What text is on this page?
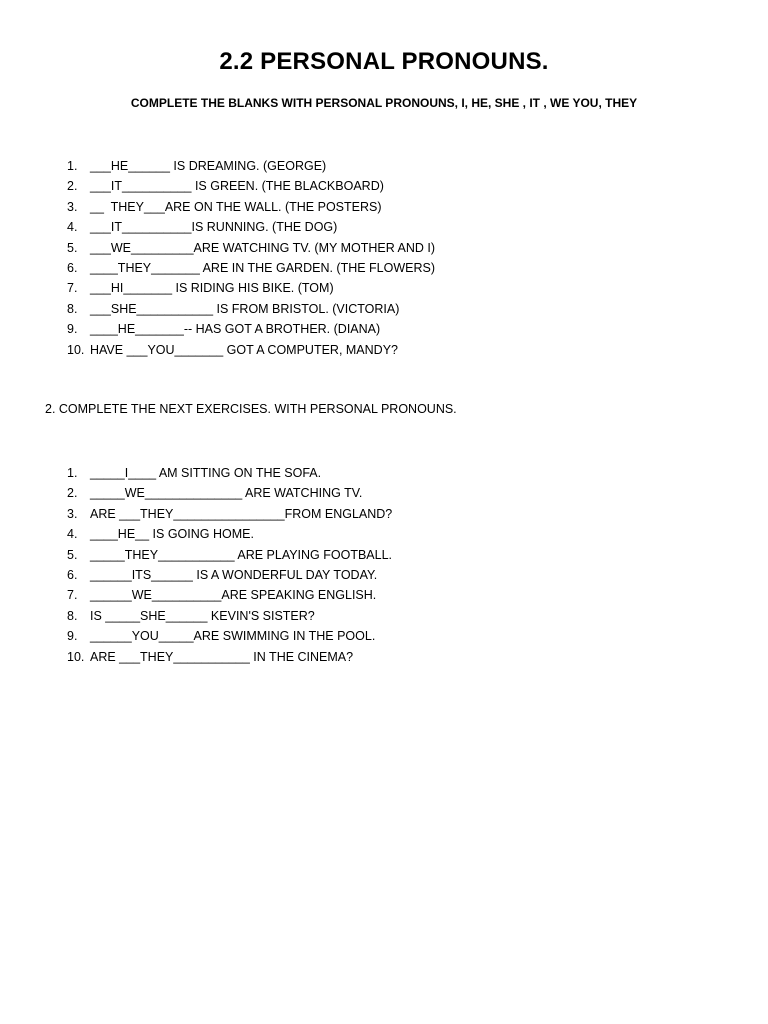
2.2 PERSONAL PRONOUNS.
COMPLETE THE BLANKS WITH PERSONAL PRONOUNS, I, HE, SHE , IT , WE YOU, THEY
1.	___HE______ IS DREAMING. (GEORGE)
2.	___IT__________ IS GREEN. (THE BLACKBOARD)
3.	__  THEY___ARE ON THE WALL. (THE POSTERS)
4.	___IT__________IS RUNNING. (THE DOG)
5.	___WE_________ARE WATCHING TV. (MY MOTHER AND I)
6.	____THEY_______ ARE IN THE GARDEN. (THE FLOWERS)
7.	___HI_______ IS RIDING HIS BIKE. (TOM)
8.	___SHE___________ IS FROM BRISTOL. (VICTORIA)
9.	____HE_______-- HAS GOT A BROTHER. (DIANA)
10. HAVE ___YOU_______ GOT A COMPUTER, MANDY?
2. COMPLETE THE NEXT EXERCISES. WITH PERSONAL PRONOUNS.
1.	_____I____ AM SITTING ON THE SOFA.
2.	_____WE______________ ARE WATCHING TV.
3.	ARE ___THEY________________FROM ENGLAND?
4.	____HE__ IS GOING HOME.
5.	_____THEY___________ ARE PLAYING FOOTBALL.
6.	______ITS______ IS A WONDERFUL DAY TODAY.
7.	______WE__________ARE SPEAKING ENGLISH.
8.	IS _____SHE______ KEVIN'S SISTER?
9.	______YOU_____ARE SWIMMING IN THE POOL.
10. ARE ___THEY___________ IN THE CINEMA?
